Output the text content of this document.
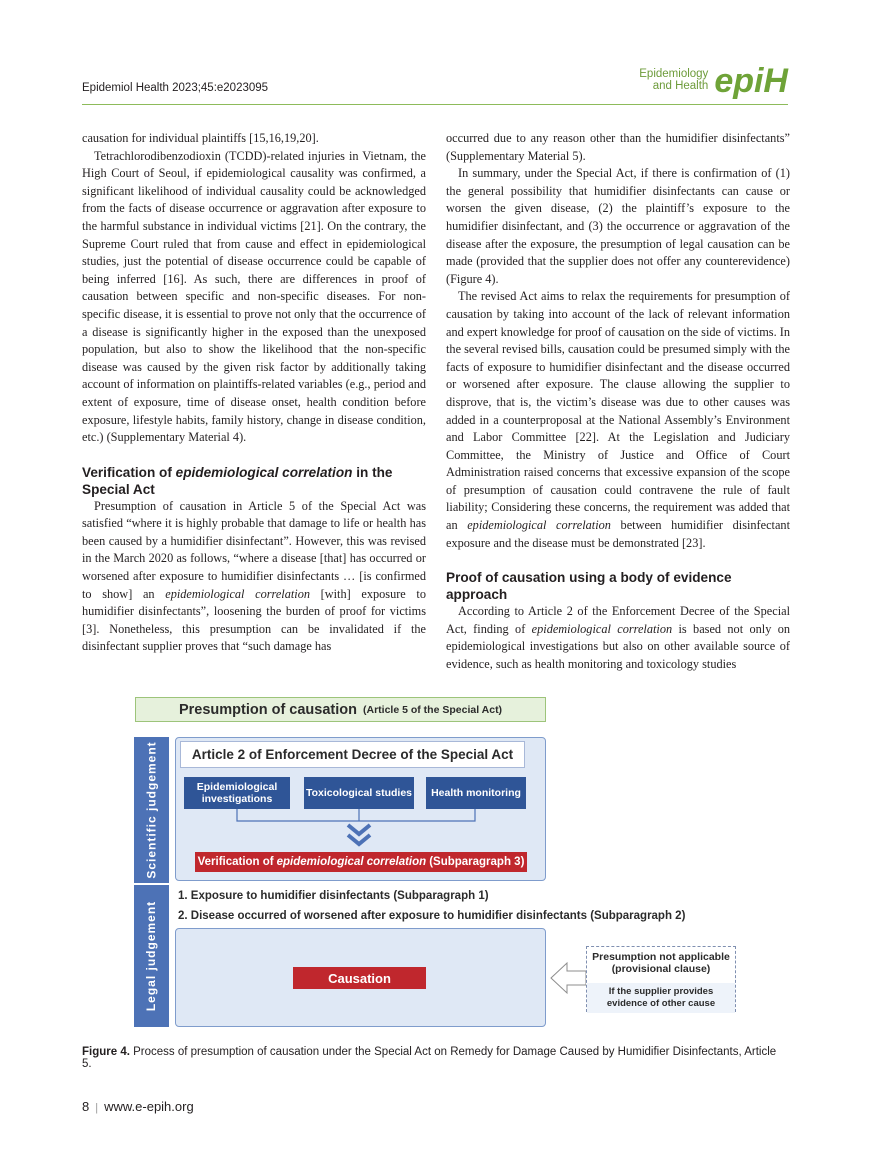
Epidemiol Health 2023;45:e2023095
Epidemiology
and Health epiH

causation for individual plaintiffs [15,16,19,20].

Tetrachlorodibenzodioxin (TCDD)-related injuries in Vietnam, the High Court of Seoul, if epidemiological causality was confirmed, a significant likelihood of individual causality could be acknowledged from the facts of disease occurrence or aggravation after exposure to the harmful substance in individual victims [21]. On the contrary, the Supreme Court ruled that from cause and effect in epidemiological studies, just the potential of disease occurrence could be capable of being inferred [16]. As such, there are differences in proof of causation between specific and non-specific diseases. For non-specific disease, it is essential to prove not only that the occurrence of a disease is significantly higher in the exposed than the unexposed population, but also to show the likelihood that the non-specific disease was caused by the given risk factor by additionally taking account of information on plaintiffs-related variables (e.g., period and extent of exposure, time of disease onset, health condition before exposure, lifestyle habits, family history, change in disease condition, etc.) (Supplementary Material 4).

Verification of epidemiological correlation in the Special Act

Presumption of causation in Article 5 of the Special Act was satisfied “where it is highly probable that damage to life or health has been caused by a humidifier disinfectant”. However, this was revised in the March 2020 as follows, “where a disease [that] has occurred or worsened after exposure to humidifier disinfectants … [is confirmed to show] an epidemiological correlation [with] exposure to humidifier disinfectants”, loosening the burden of proof for victims [3]. Nonetheless, this presumption can be invalidated if the disinfectant supplier proves that “such damage has

occurred due to any reason other than the humidifier disinfectants” (Supplementary Material 5).

In summary, under the Special Act, if there is confirmation of (1) the general possibility that humidifier disinfectants can cause or worsen the given disease, (2) the plaintiff’s exposure to the humidifier disinfectant, and (3) the occurrence or aggravation of the disease after the exposure, the presumption of legal causation can be made (provided that the supplier does not offer any counterevidence) (Figure 4).

The revised Act aims to relax the requirements for presumption of causation by taking into account of the lack of relevant information and expert knowledge for proof of causation on the side of victims. In the several revised bills, causation could be presumed simply with the facts of exposure to humidifier disinfectant and the disease occurred or worsened after exposure. The clause allowing the supplier to disprove, that is, the victim’s disease was due to other causes was added in a counterproposal at the National Assembly’s Environment and Labor Committee [22]. At the Legislation and Judiciary Committee, the Ministry of Justice and Office of Court Administration raised concerns that excessive expansion of the scope of presumption of causation could contravene the rule of fault liability; Considering these concerns, the requirement was added that an epidemiological correlation between humidifier disinfectant exposure and the disease must be demonstrated [23].

Proof of causation using a body of evidence approach

According to Article 2 of the Enforcement Decree of the Special Act, finding of epidemiological correlation is based not only on epidemiological investigations but also on other available source of evidence, such as health monitoring and toxicology studies

Presumption of causation (Article 5 of the Special Act)
Scientific judgement
Legal judgement
Article 2 of Enforcement Decree of the Special Act
Epidemiological investigations	Toxicological studies	Health monitoring
Verification of epidemiological correlation (Subparagraph 3)
1. Exposure to humidifier disinfectants (Subparagraph 1)
2. Disease occurred of worsened after exposure to humidifier disinfectants (Subparagraph 2)
Causation
Presumption not applicable (provisional clause)
If the supplier provides evidence of other cause
Figure 4. Process of presumption of causation under the Special Act on Remedy for Damage Caused by Humidifier Disinfectants, Article 5.
8 | www.e-epih.org
